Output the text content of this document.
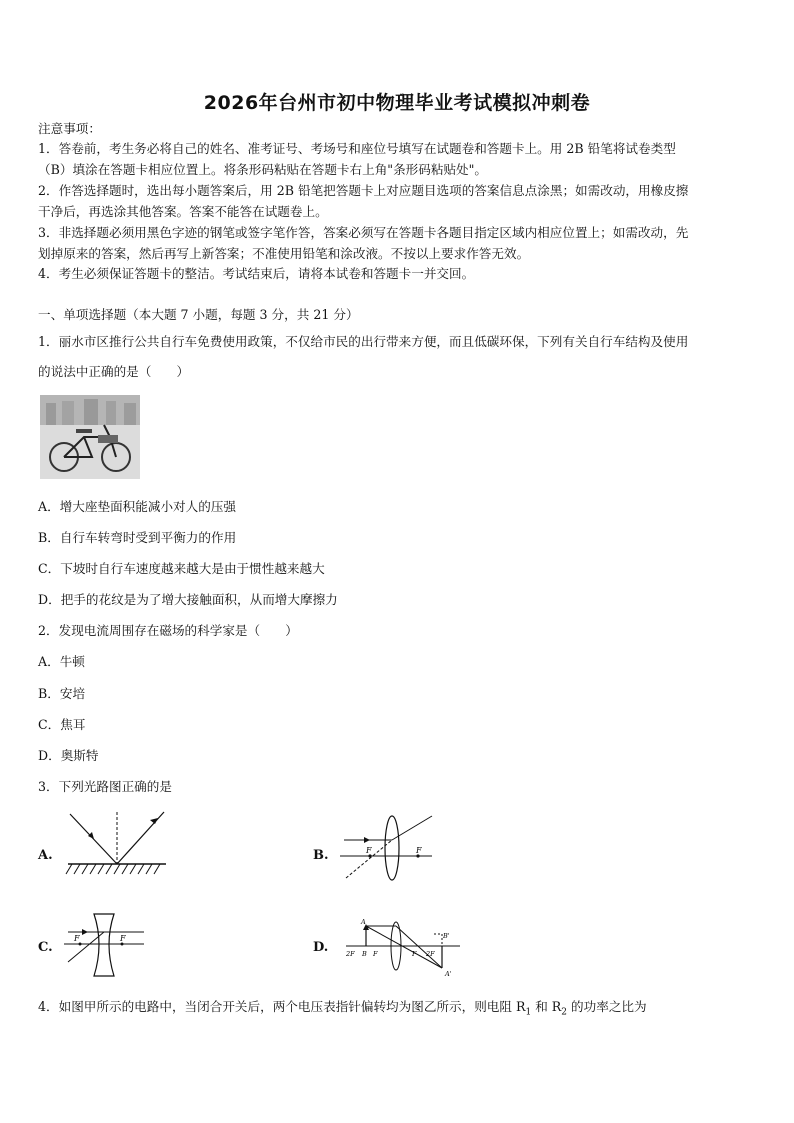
2026年台州市初中物理毕业考试模拟冲刺卷
注意事项：
1．答卷前，考生务必将自己的姓名、准考证号、考场号和座位号填写在试题卷和答题卡上。用 2B 铅笔将试卷类型
（B）填涂在答题卡相应位置上。将条形码粘贴在答题卡右上角"条形码粘贴处"。
2．作答选择题时，选出每小题答案后，用 2B 铅笔把答题卡上对应题目选项的答案信息点涂黑；如需改动，用橡皮擦
干净后，再选涂其他答案。答案不能答在试题卷上。
3．非选择题必须用黑色字迹的钢笔或签字笔作答，答案必须写在答题卡各题目指定区域内相应位置上；如需改动，先
划掉原来的答案，然后再写上新答案；不准使用铅笔和涂改液。不按以上要求作答无效。
4．考生必须保证答题卡的整洁。考试结束后，请将本试卷和答题卡一并交回。
一、单项选择题（本大题 7 小题，每题 3 分，共 21 分）
1．丽水市区推行公共自行车免费使用政策，不仅给市民的出行带来方便，而且低碳环保，下列有关自行车结构及使用
的说法中正确的是（　　）
A．增大座垫面积能减小对人的压强
B．自行车转弯时受到平衡力的作用
C．下坡时自行车速度越来越大是由于惯性越来越大
D．把手的花纹是为了增大接触面积，从而增大摩擦力
2．发现电流周围存在磁场的科学家是（　　）
A．牛顿
B．安培
C．焦耳
D．奥斯特
3．下列光路图正确的是
A.	B.	F	F
C.
F	F
D.	2F
A
B F	F 2F
B'
A'
4．如图甲所示的电路中，当闭合开关后，两个电压表指针偏转均为图乙所示，则电阻 $R_1$ 和 $R_2$ 的功率之比为
